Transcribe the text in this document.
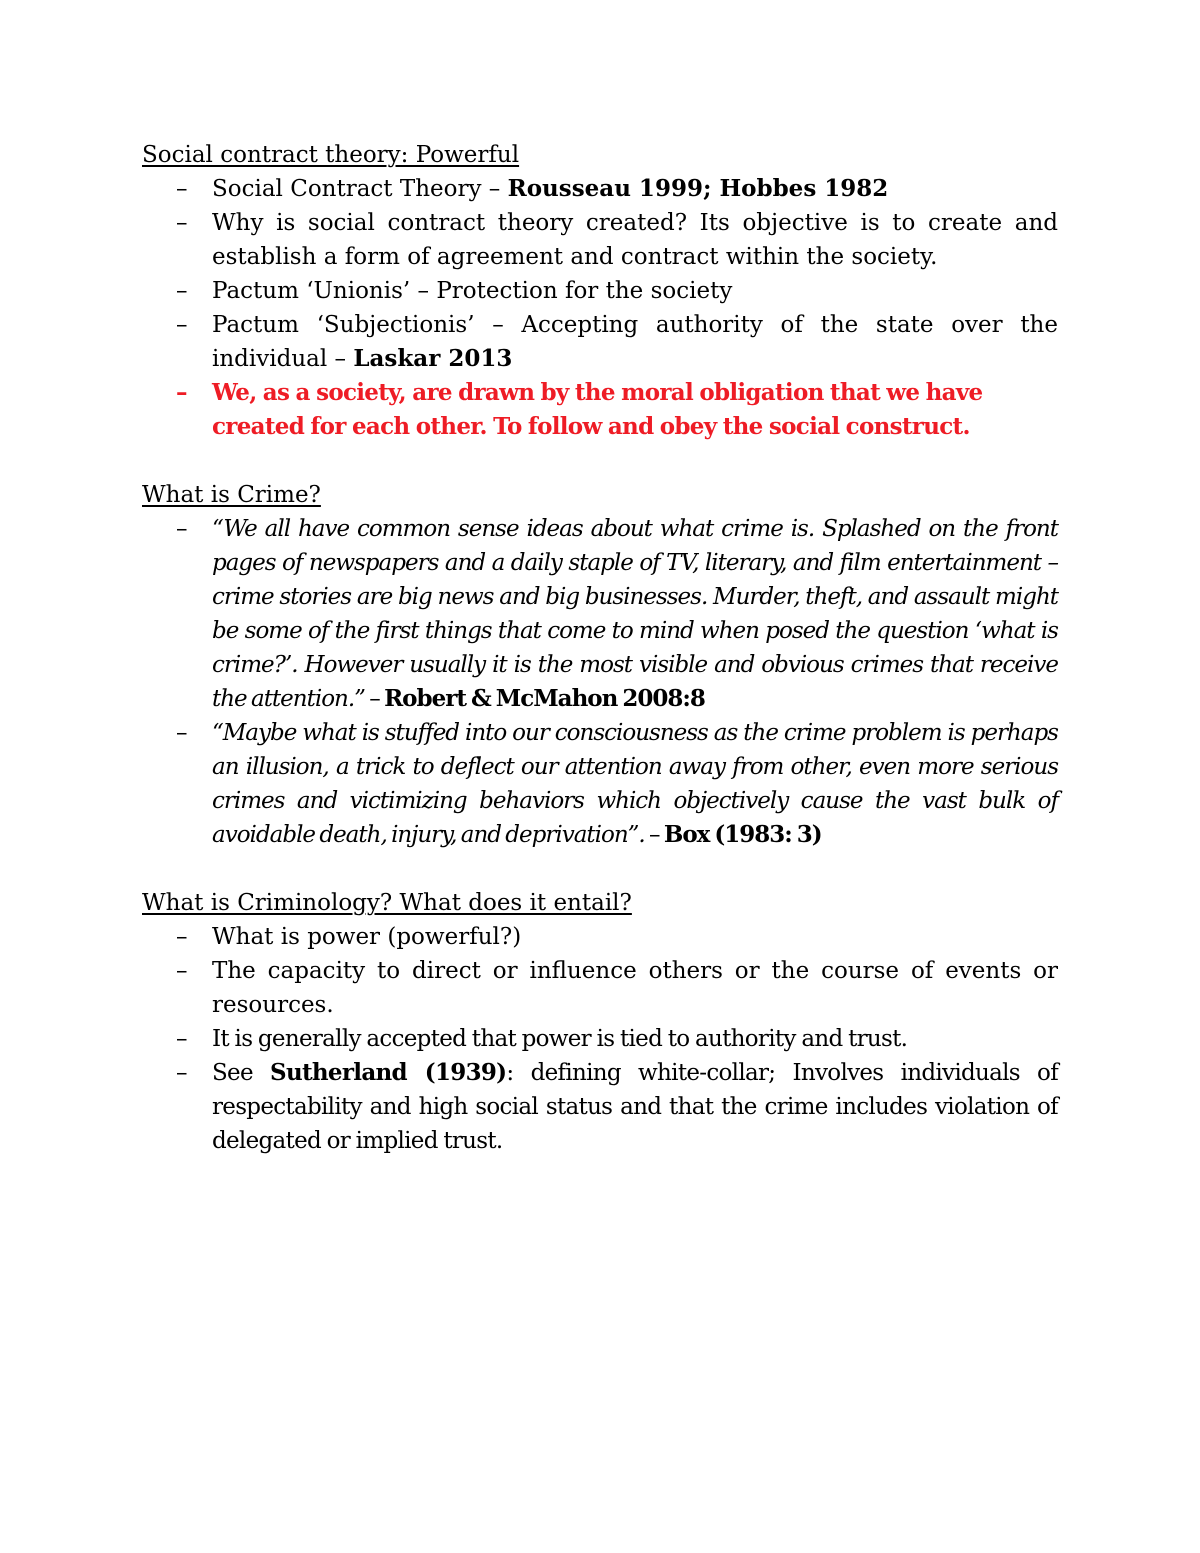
Social contract theory: Powerful

– Social Contract Theory – Rousseau 1999; Hobbes 1982
– Why is social contract theory created? Its objective is to create and establish a form of agreement and contract within the society.
– Pactum ‘Unionis’ – Protection for the society
– Pactum ‘Subjectionis’ – Accepting authority of the state over the individual – Laskar 2013
– We, as a society, are drawn by the moral obligation that we have created for each other. To follow and obey the social construct.

What is Crime?

– “We all have common sense ideas about what crime is. Splashed on the front pages of newspapers and a daily staple of TV, literary, and film entertainment – crime stories are big news and big businesses. Murder, theft, and assault might be some of the first things that come to mind when posed the question ‘what is crime?’. However usually it is the most visible and obvious crimes that receive the attention.” – Robert & McMahon 2008:8
– “Maybe what is stuffed into our consciousness as the crime problem is perhaps an illusion, a trick to deflect our attention away from other, even more serious crimes and victimizing behaviors which objectively cause the vast bulk of avoidable death, injury, and deprivation”. – Box (1983: 3)

What is Criminology? What does it entail?

– What is power (powerful?)
– The capacity to direct or influence others or the course of events or resources.
– It is generally accepted that power is tied to authority and trust.
– See Sutherland (1939): defining white-collar; Involves individuals of respectability and high social status and that the crime includes violation of delegated or implied trust.
